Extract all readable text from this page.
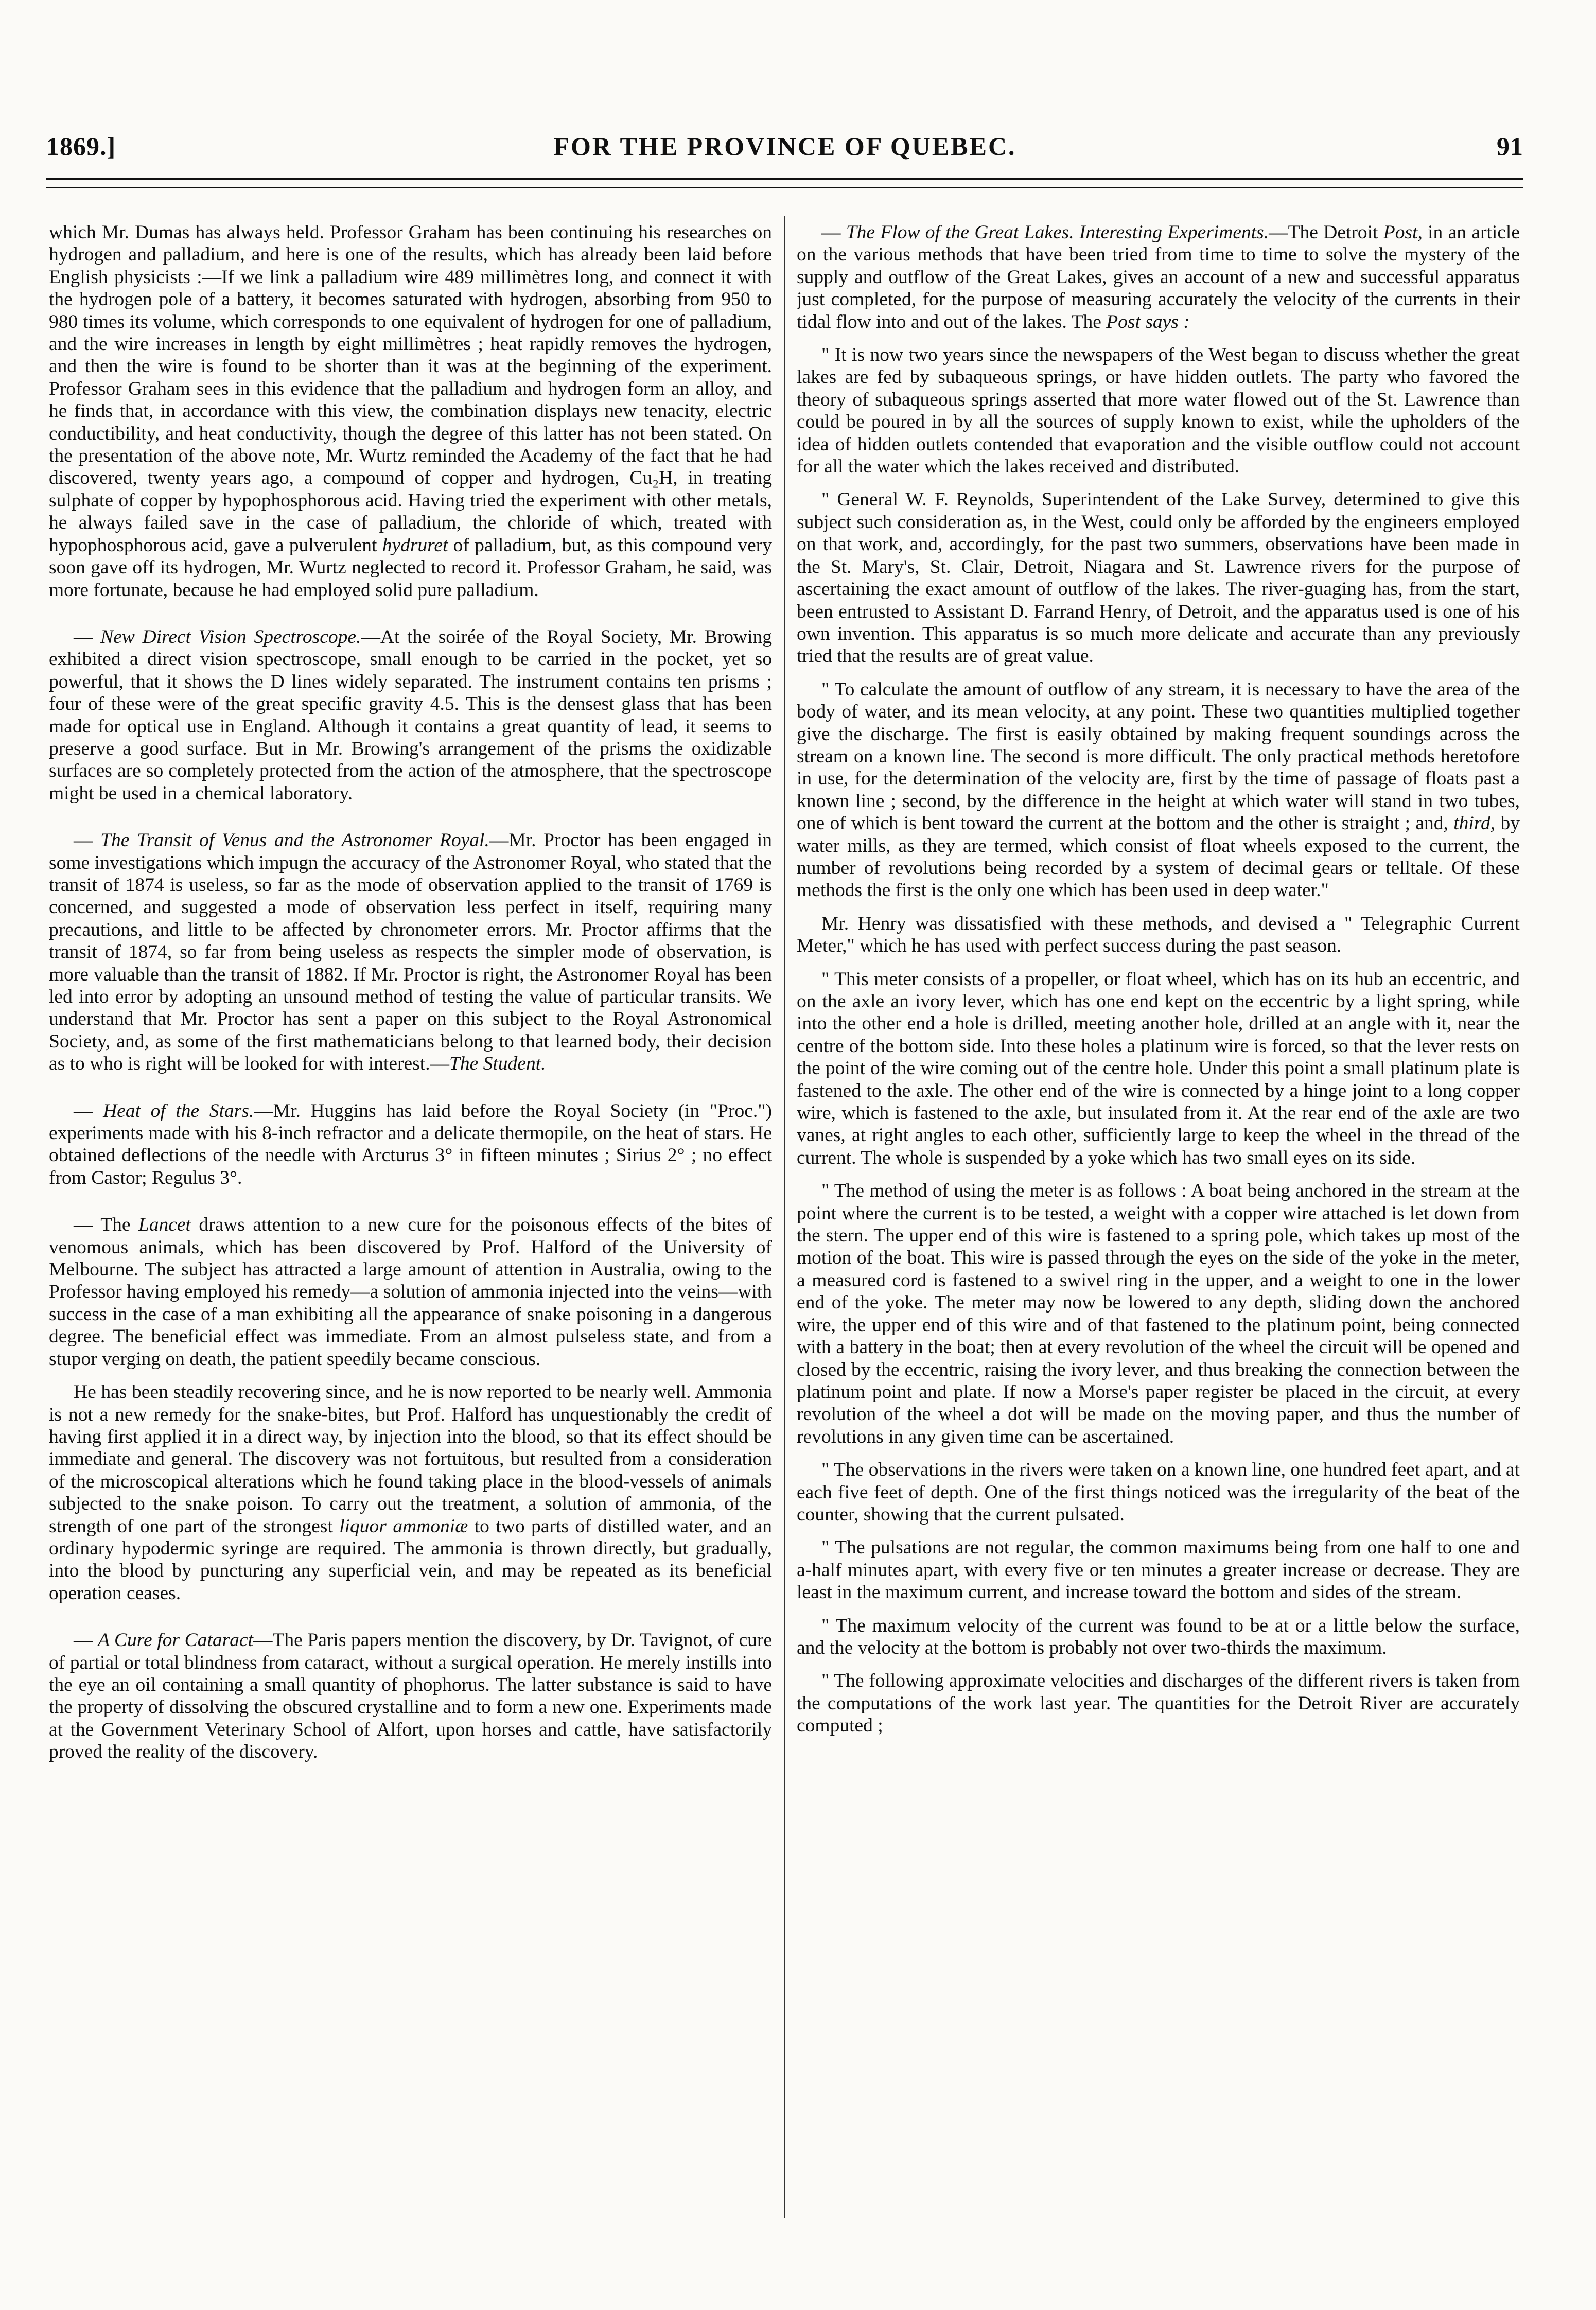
1869.]	FOR THE PROVINCE OF QUEBEC.	91

which Mr. Dumas has always held. Professor Graham has been continuing his researches on hydrogen and palladium, and here is one of the results, which has already been laid before English physicists :—If we link a palladium wire 489 millimètres long, and connect it with the hydrogen pole of a battery, it becomes saturated with hydrogen, absorbing from 950 to 980 times its volume, which corresponds to one equivalent of hydrogen for one of palladium, and the wire increases in length by eight millimètres ; heat rapidly removes the hydrogen, and then the wire is found to be shorter than it was at the beginning of the experiment. Professor Graham sees in this evidence that the palladium and hydrogen form an alloy, and he finds that, in accordance with this view, the combination displays new tenacity, electric conductibility, and heat conductivity, though the degree of this latter has not been stated. On the presentation of the above note, Mr. Wurtz reminded the Academy of the fact that he had discovered, twenty years ago, a compound of copper and hydrogen, Cu₂H, in treating sulphate of copper by hypophosphorous acid. Having tried the experiment with other metals, he always failed save in the case of palladium, the chloride of which, treated with hypophosphorous acid, gave a pulverulent hydruret of palladium, but, as this compound very soon gave off its hydrogen, Mr. Wurtz neglected to record it. Professor Graham, he said, was more fortunate, because he had employed solid pure palladium.

— New Direct Vision Spectroscope.—At the soirée of the Royal Society, Mr. Browing exhibited a direct vision spectroscope, small enough to be carried in the pocket, yet so powerful, that it shows the D lines widely separated. The instrument contains ten prisms ; four of these were of the great specific gravity 4.5. This is the densest glass that has been made for optical use in England. Although it contains a great quantity of lead, it seems to preserve a good surface. But in Mr. Browing's arrangement of the prisms the oxidizable surfaces are so completely protected from the action of the atmosphere, that the spectroscope might be used in a chemical laboratory.

— The Transit of Venus and the Astronomer Royal.—Mr. Proctor has been engaged in some investigations which impugn the accuracy of the Astronomer Royal, who stated that the transit of 1874 is useless, so far as the mode of observation applied to the transit of 1769 is concerned, and suggested a mode of observation less perfect in itself, requiring many precautions, and little to be affected by chronometer errors. Mr. Proctor affirms that the transit of 1874, so far from being useless as respects the simpler mode of observation, is more valuable than the transit of 1882. If Mr. Proctor is right, the Astronomer Royal has been led into error by adopting an unsound method of testing the value of particular transits. We understand that Mr. Proctor has sent a paper on this subject to the Royal Astronomical Society, and, as some of the first mathematicians belong to that learned body, their decision as to who is right will be looked for with interest.—The Student.

— Heat of the Stars.—Mr. Huggins has laid before the Royal Society (in "Proc.") experiments made with his 8-inch refractor and a delicate thermopile, on the heat of stars. He obtained deflections of the needle with Arcturus 3° in fifteen minutes ; Sirius 2° ; no effect from Castor; Regulus 3°.

— The Lancet draws attention to a new cure for the poisonous effects of the bites of venomous animals, which has been discovered by Prof. Halford of the University of Melbourne. The subject has attracted a large amount of attention in Australia, owing to the Professor having employed his remedy—a solution of ammonia injected into the veins—with success in the case of a man exhibiting all the appearance of snake poisoning in a dangerous degree. The beneficial effect was immediate. From an almost pulseless state, and from a stupor verging on death, the patient speedily became conscious.

He has been steadily recovering since, and he is now reported to be nearly well. Ammonia is not a new remedy for the snake-bites, but Prof. Halford has unquestionably the credit of having first applied it in a direct way, by injection into the blood, so that its effect should be immediate and general. The discovery was not fortuitous, but resulted from a consideration of the microscopical alterations which he found taking place in the blood-vessels of animals subjected to the snake poison. To carry out the treatment, a solution of ammonia, of the strength of one part of the strongest liquor ammoniæ to two parts of distilled water, and an ordinary hypodermic syringe are required. The ammonia is thrown directly, but gradually, into the blood by puncturing any superficial vein, and may be repeated as its beneficial operation ceases.

— A Cure for Cataract—The Paris papers mention the discovery, by Dr. Tavignot, of cure of partial or total blindness from cataract, without a surgical operation. He merely instills into the eye an oil containing a small quantity of phophorus. The latter substance is said to have the property of dissolving the obscured crystalline and to form a new one. Experiments made at the Government Veterinary School of Alfort, upon horses and cattle, have satisfactorily proved the reality of the discovery.

— The Flow of the Great Lakes. Interesting Experiments.—The Detroit Post, in an article on the various methods that have been tried from time to time to solve the mystery of the supply and outflow of the Great Lakes, gives an account of a new and successful apparatus just completed, for the purpose of measuring accurately the velocity of the currents in their tidal flow into and out of the lakes. The Post says :

" It is now two years since the newspapers of the West began to discuss whether the great lakes are fed by subaqueous springs, or have hidden outlets. The party who favored the theory of subaqueous springs asserted that more water flowed out of the St. Lawrence than could be poured in by all the sources of supply known to exist, while the upholders of the idea of hidden outlets contended that evaporation and the visible outflow could not account for all the water which the lakes received and distributed.

" General W. F. Reynolds, Superintendent of the Lake Survey, determined to give this subject such consideration as, in the West, could only be afforded by the engineers employed on that work, and, accordingly, for the past two summers, observations have been made in the St. Mary's, St. Clair, Detroit, Niagara and St. Lawrence rivers for the purpose of ascertaining the exact amount of outflow of the lakes. The river-guaging has, from the start, been entrusted to Assistant D. Farrand Henry, of Detroit, and the apparatus used is one of his own invention. This apparatus is so much more delicate and accurate than any previously tried that the results are of great value.

" To calculate the amount of outflow of any stream, it is necessary to have the area of the body of water, and its mean velocity, at any point. These two quantities multiplied together give the discharge. The first is easily obtained by making frequent soundings across the stream on a known line. The second is more difficult. The only practical methods heretofore in use, for the determination of the velocity are, first by the time of passage of floats past a known line ; second, by the difference in the height at which water will stand in two tubes, one of which is bent toward the current at the bottom and the other is straight ; and, third, by water mills, as they are termed, which consist of float wheels exposed to the current, the number of revolutions being recorded by a system of decimal gears or telltale. Of these methods the first is the only one which has been used in deep water."

Mr. Henry was dissatisfied with these methods, and devised a " Telegraphic Current Meter," which he has used with perfect success during the past season.

" This meter consists of a propeller, or float wheel, which has on its hub an eccentric, and on the axle an ivory lever, which has one end kept on the eccentric by a light spring, while into the other end a hole is drilled, meeting another hole, drilled at an angle with it, near the centre of the bottom side. Into these holes a platinum wire is forced, so that the lever rests on the point of the wire coming out of the centre hole. Under this point a small platinum plate is fastened to the axle. The other end of the wire is connected by a hinge joint to a long copper wire, which is fastened to the axle, but insulated from it. At the rear end of the axle are two vanes, at right angles to each other, sufficiently large to keep the wheel in the thread of the current. The whole is suspended by a yoke which has two small eyes on its side.

" The method of using the meter is as follows : A boat being anchored in the stream at the point where the current is to be tested, a weight with a copper wire attached is let down from the stern. The upper end of this wire is fastened to a spring pole, which takes up most of the motion of the boat. This wire is passed through the eyes on the side of the yoke in the meter, a measured cord is fastened to a swivel ring in the upper, and a weight to one in the lower end of the yoke. The meter may now be lowered to any depth, sliding down the anchored wire, the upper end of this wire and of that fastened to the platinum point, being connected with a battery in the boat; then at every revolution of the wheel the circuit will be opened and closed by the eccentric, raising the ivory lever, and thus breaking the connection between the platinum point and plate. If now a Morse's paper register be placed in the circuit, at every revolution of the wheel a dot will be made on the moving paper, and thus the number of revolutions in any given time can be ascertained.

" The observations in the rivers were taken on a known line, one hundred feet apart, and at each five feet of depth. One of the first things noticed was the irregularity of the beat of the counter, showing that the current pulsated.

" The pulsations are not regular, the common maximums being from one half to one and a-half minutes apart, with every five or ten minutes a greater increase or decrease. They are least in the maximum current, and increase toward the bottom and sides of the stream.

" The maximum velocity of the current was found to be at or a little below the surface, and the velocity at the bottom is probably not over two-thirds the maximum.

" The following approximate velocities and discharges of the different rivers is taken from the computations of the work last year. The quantities for the Detroit River are accurately computed ;
